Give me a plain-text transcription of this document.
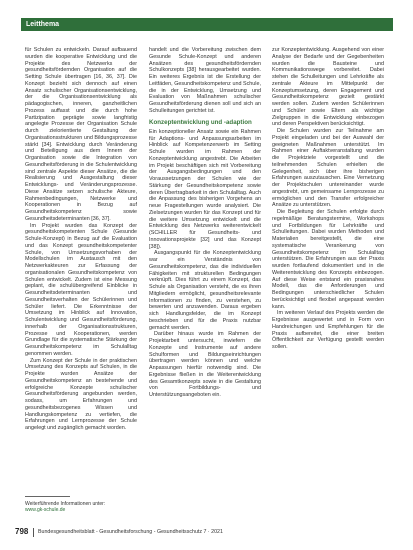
Leitthema

für Schulen zu entwickeln. Darauf aufbauend wurden die kooperative Entwicklung und die Projekte des Netzwerks der gesundheitsfördernden Organisation auf die Setting Schule übertragen [16, 36, 37]. Die Konzept bezieht sich dennoch auf einen Ansatz schulischer Organisationsentwicklung, der die Organisationsentwicklung als pädagogischen, inneren, ganzheitlichen Prozess auffasst und die durch hohe Partizipation geprägte sowie langfristig angelegte Prozesse der Organisation Schule durch zielorientierte Gestaltung der Organisationsstrukturen und Bildungsprozesse stärkt [34]. Entwicklung durch Veränderung und Beteiligung aus dem Innern der Organisation sowie die Integration von Gesundheitsförderung in die Schulentwicklung sind zentrale Aspekte dieser Ansätze, die die Realisierung und Ausgestaltung dieser Entwicklungs- und Veränderungsprozesse. Diese Ansätze setzen schulische Akteure, Rahmenbedingungen, Netzwerke und Kooperationen in Bezug auf Gesundheitskompetenz sowie Gesundheitsdeterminanten [36, 37].

Im Projekt wurden das Konzept der gesundheitskompetenten Schule (Gesunde Schule-Konzept) in Bezug auf die Evaluation und das Konzept gesundheitskompetenter Schule, von Umsetzungsvorhaben der Modellschulen im Austausch mit den Netzwerkakteuren zur Erfassung der organisationalen Gesundheitskompetenz von Schulen entwickelt. Zudem ist eine Messung geplant, die schulübergreifend Einblicke in Gesundheitsdeterminanten und Gesundheitsverhalten der Schülerinnen und Schüler liefert. Die Erkenntnisse der Umsetzung im Hinblick auf Innovation, Schulentwicklung und Gesundheitsförderung, innerhalb der Organisationsstrukturen, Prozesse und Kooperationen, werden Grundlage für die systematische Stärkung der Gesundheitskompetenz im Schulalltag genommen werden.

Zum Konzept der Schule in der praktischen Umsetzung des Konzepts auf Schulen, in die Projekte wurden Ansätze der Gesundheitskompetenz an bestehende und erfolgreiche Konzepte schulischer Gesundheitsförderung angebunden werden, sodass, um Erfahrungen und gesundheitsbezogenes Wissen und Handlungskompetenz zu vertiefen, die Erfahrungen und Lernprozesse der Schule angelegt und zugänglich gemacht worden.

handelt und die Vorbereitung zwischen dem Gesunde Schule-Konzept und anderen Ansätzen des gesundheitsfördernden Schulkonzepts [38] herausgearbeitet wurden. Ein weiteres Ergebnis ist die Erstellung der Leitfäden, Gesundheitskompetenz und Schule, die in der Entwicklung, Umsetzung und Evaluation von Maßnahmen schulischer Gesundheitsförderung dienen soll und sich an Schulleitungen gerichtet ist.

Konzeptentwicklung und -adaption

Ein konzeptioneller Ansatz sowie ein Rahmen für Adaptions- und Anpassungsarbeiten im Hinblick auf Kompetenzerwerb im Setting Schule wurden im Rahmen der Konzeptentwicklung angestrebt. Die Arbeiten im Projekt beschäftigen sich mit Vorbereitung der Ausgangsbedingungen und den Voraussetzungen der Schulen wie der Stärkung der Gesundheitskompetenz sowie deren Übertragbarkeit in den Schulalltag. Auch die Anpassung des bisherigen Vorgehens an neue Fragestellungen wurde analysiert. Die Zielsetzungen wurden für das Konzept und für die weitere Umsetzung entwickelt und die Entwicklung des Netzwerks weiterentwickelt (SCHILLER für Gesundheits- und Innovationsprojekte [32] und das Konzept [38]).

Ausgangspunkt für die Konzeptentwicklung war ein Verständnis von Gesundheitskompetenz, das die individuellen Fähigkeiten mit strukturellen Bedingungen verknüpft. Dies führt zu einem Konzept, das Schule als Organisation versteht, die es ihren Mitgliedern ermöglicht, gesundheitsrelevante Informationen zu finden, zu verstehen, zu bewerten und anzuwenden. Daraus ergeben sich Handlungsfelder, die im Konzept beschrieben und für die Praxis nutzbar gemacht werden.

Darüber hinaus wurde im Rahmen der Projektarbeit untersucht, inwiefern die Konzepte und Instrumente auf andere Schulformen und Bildungseinrichtungen übertragen werden können und welche Anpassungen hierfür notwendig sind. Die Ergebnisse fließen in die Weiterentwicklung des Gesamtkonzepts sowie in die Gestaltung von Fortbildungs- und Unterstützungsangeboten ein.

zur Konzeptentwicklung. Ausgehend von einer Analyse der Bedarfe und der Gegebenheiten wurden die Bausteine und Kommunikationswege vorbereitet. Dabei stehen die Schulleitungen und Lehrkräfte als zentrale Akteure im Mittelpunkt der Konzeptumsetzung, deren Engagement und Gesundheitskompetenz gezielt gestärkt werden sollen. Zudem werden Schülerinnen und Schüler sowie Eltern als wichtige Zielgruppen in die Entwicklung einbezogen und deren Perspektiven berücksichtigt.

Die Schulen wurden zur Teilnahme am Projekt eingeladen und bei der Auswahl der geeigneten Maßnahmen unterstützt. Im Rahmen einer Auftaktveranstaltung wurden die Projektziele vorgestellt und die teilnehmenden Schulen erhielten die Gelegenheit, sich über ihre bisherigen Erfahrungen auszutauschen. Eine Vernetzung der Projektschulen untereinander wurde angestrebt, um gemeinsame Lernprozesse zu ermöglichen und den Transfer erfolgreicher Ansätze zu unterstützen.

Die Begleitung der Schulen erfolgte durch regelmäßige Beratungstermine, Workshops und Fortbildungen für Lehrkräfte und Schulleitungen. Dabei wurden Methoden und Materialien bereitgestellt, die eine systematische Verankerung von Gesundheitskompetenz im Schulalltag unterstützen. Die Erfahrungen aus der Praxis wurden fortlaufend dokumentiert und in die Weiterentwicklung des Konzepts einbezogen. Auf diese Weise entstand ein praxisnahes Modell, das die Anforderungen und Bedingungen unterschiedlicher Schulen berücksichtigt und flexibel angepasst werden kann.

Im weiteren Verlauf des Projekts werden die Ergebnisse ausgewertet und in Form von Handreichungen und Empfehlungen für die Praxis aufbereitet, die einer breiten Öffentlichkeit zur Verfügung gestellt werden sollen.

Weiterführende Informationen unter:
www.gk-schule.de
798 Bundesgesundheitsblatt - Gesundheitsforschung - Gesundheitsschutz 7 · 2021
